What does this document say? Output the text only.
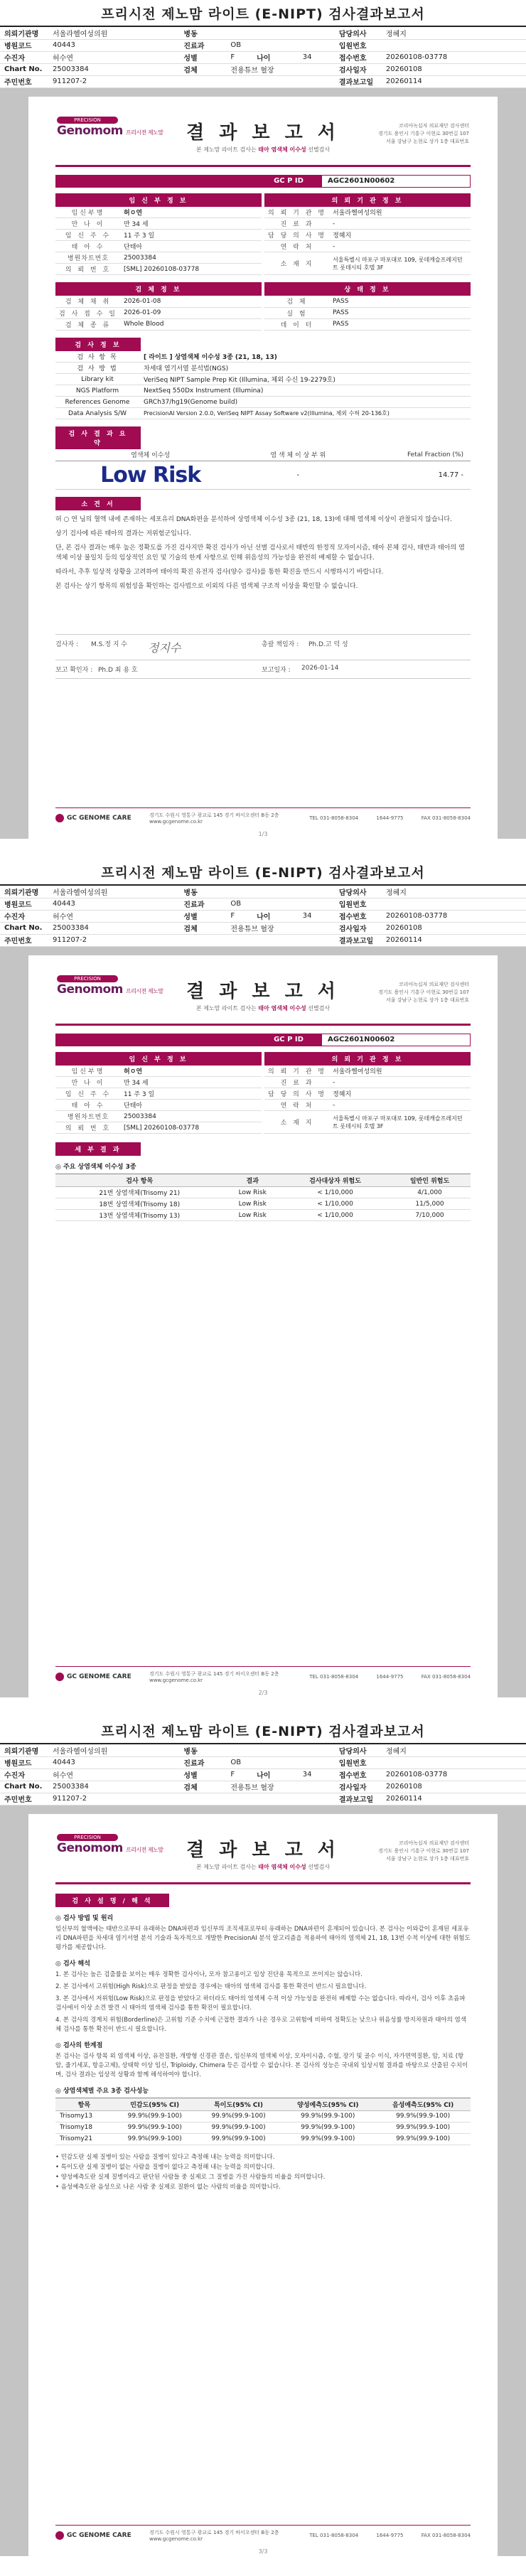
프리시전 제노맘 라이트 (E-NIPT) 검사결과보고서
의뢰기관명	서울라헬여성의원	병동				담당의사	정혜지
병원코드	40443	진료과	OB			입원번호	
수진자	허수연	성별	F	나이	34	접수번호	20260108-03778
Chart No.	25003384	검체	전용튜브 혈장			검사일자	20260108
주민번호	911207-2					결과보고일	20260114
PRECISION
Genomom 프리시전 제노맘	결 과 보 고 서
본 제노맘 라이트 검사는 태아 염색체 이수성 선별검사
코리아녹십자 의료재단 검사센터
경기도 용인시 기흥구 이현로 30번길 107
서울 강남구 논현로 상가 1층 대표번호
GC P ID	AGC2601N00602
임 신 부 정 보	의 뢰 기 관 정 보
임신부명	허ㅇ연
만 나 이	만 34 세
임 신 주 수	11 주 3 일
태 아 수	단태아
병원차트번호	25003384
의 뢰 번 호	[SML] 20260108-03778
의 뢰 기 관 명	서울라헬여성의원
진 료 과	-
담 당 의 사 명	정혜지
연 락 처	-
소 재 지	서울특별시 마포구 마포대로 109, 롯데캐슬프레지던트 롯데시티 호텔 3F
검 체 정 보	상 태 정 보
검 체 채 취	2026-01-08
검 사 접 수 일	2026-01-09
검 체 종 류	Whole Blood
검 체	PASS
실 험	PASS
데 이 터	PASS
검 사 정 보
검 사 항 목	[ 라이트 ] 상염색체 이수성 3종 (21, 18, 13)
검 사 방 법	차세대 염기서열 분석법(NGS)
Library kit	VeriSeq NIPT Sample Prep Kit (Illumina, 체외 수신 19-2279호)
NGS Platform	NextSeq 550Dx Instrument (Illumina)
References Genome	GRCh37/hg19(Genome build)
Data Analysis S/W	PrecisionAI Version 2.0.0, VeriSeq NIPT Assay Software v2(Illumina, 체외 수허 20-136호)
검 사 결 과 요 약
염색체 이수성	염 색 체 이 상 부 위	Fetal Fraction (%)
Low Risk	-	14.77 -
소 견 서

허 ○ 연 님의 혈액 내에 존재하는 세포유리 DNA화편을 분석하여 상염색체 이수성 3종 (21, 18, 13)에 대해 염색체 이상이 관찰되지 않습니다.

상기 검사에 따른 태아의 결과는 저위험군입니다.

단, 본 검사 결과는 매우 높은 정확도를 가진 검사지만 확진 검사가 아닌 선별 검사로서 태반의 한정적 모자이시즘, 태아 본체 검사, 태반과 태아의 염색체 이상 불일치 등의 임상적인 요인 및 기술의 한계 사항으로 인해 위음성의 가능성을 완전히 배제할 수 없습니다.

따라서, 추후 임상적 상황을 고려하여 태아의 확진 유전자 검사(양수 검사)를 통한 확진을 반드시 시행하시기 바랍니다.

본 검사는 상기 항목의 위험성을 확인하는 검사법으로 이외의 다른 염색체 구조적 이상을 확인할 수 없습니다.

검사자 :	M.S.정 지 수	정지수	총괄 책임자 :	Ph.D.고 덕 성
보고 확인자 : Ph.D 최 용 호	보고일자 :	2026-01-14
GC GENOME CARE	경기도 수원시 영통구 광교로 145 경기 바이오센터 B동 2층
www.gcgenome.co.kr
TEL 031-8058-8304	1644-9775	FAX 031-8058-8304
1/3
프리시전 제노맘 라이트 (E-NIPT) 검사결과보고서
의뢰기관명	서울라헬여성의원	병동				담당의사	정혜지
병원코드	40443	진료과	OB			입원번호	
수진자	허수연	성별	F	나이	34	접수번호	20260108-03778
Chart No.	25003384	검체	전용튜브 혈장			검사일자	20260108
주민번호	911207-2					결과보고일	20260114
PRECISION
Genomom 프리시전 제노맘	결 과 보 고 서
본 제노맘 라이트 검사는 태아 염색체 이수성 선별검사
코리아녹십자 의료재단 검사센터
경기도 용인시 기흥구 이현로 30번길 107
서울 강남구 논현로 상가 1층 대표번호
GC P ID	AGC2601N00602
임 신 부 정 보	의 뢰 기 관 정 보
임신부명	허ㅇ연
만 나 이	만 34 세
임 신 주 수	11 주 3 일
태 아 수	단태아
병원차트번호	25003384
의 뢰 번 호	[SML] 20260108-03778
의 뢰 기 관 명	서울라헬여성의원
진 료 과	-
담 당 의 사 명	정혜지
연 락 처	-
소 재 지	서울특별시 마포구 마포대로 109, 롯데캐슬프레지던트 롯데시티 호텔 3F
세 부 결 과
◎ 주요 상염색체 이수성 3종
검사 항목	결과	검사대상자 위험도	일반인 위험도
21번 상염색체(Trisomy 21)	Low Risk	< 1/10,000	4/1,000
18번 상염색체(Trisomy 18)	Low Risk	< 1/10,000	11/5,000
13번 상염색체(Trisomy 13)	Low Risk	< 1/10,000	7/10,000
GC GENOME CARE	경기도 수원시 영통구 광교로 145 경기 바이오센터 B동 2층
www.gcgenome.co.kr
TEL 031-8058-8304	1644-9775	FAX 031-8058-8304
2/3
프리시전 제노맘 라이트 (E-NIPT) 검사결과보고서
의뢰기관명	서울라헬여성의원	병동				담당의사	정혜지
병원코드	40443	진료과	OB			입원번호	
수진자	허수연	성별	F	나이	34	접수번호	20260108-03778
Chart No.	25003384	검체	전용튜브 혈장			검사일자	20260108
주민번호	911207-2					결과보고일	20260114
PRECISION
Genomom 프리시전 제노맘	결 과 보 고 서
본 제노맘 라이트 검사는 태아 염색체 이수성 선별검사
코리아녹십자 의료재단 검사센터
경기도 용인시 기흥구 이현로 30번길 107
서울 강남구 논현로 상가 1층 대표번호
검 사 설 명 / 해 석
◎ 검사 방법 및 원리

임신부의 혈액에는 태반으로부터 유래하는 DNA파편과 임신부의 조직세포로부터 유래하는 DNA파편이 혼재되어 있습니다. 본 검사는 이와같이 혼재된 세포유리 DNA파편을 차세대 염기서열 분석 기술과 독자적으로 개발한 PrecisionAI 분석 알고리즘을 적용하여 태아의 염색체 21, 18, 13번 수적 이상에 대한 위험도 평가를 제공합니다.

◎ 검사 해석

1. 본 검사는 높은 검출률을 보이는 매우 정확한 검사이나, 모자 참고용이고 임상 진단용 목적으로 쓰이지는 않습니다.

2. 본 검사에서 고위험(High Risk)으로 판정을 받았을 경우에는 태아의 염색체 검사를 통한 확진이 반드시 필요합니다.

3. 본 검사에서 저위험(Low Risk)으로 판정을 받았다고 하더라도 태아의 염색체 수적 이상 가능성을 완전히 배제할 수는 없습니다. 따라서, 검사 이후 초음파 검사에서 이상 소견 발견 시 태아의 염색체 검사를 통한 확진이 필요합니다.

4. 본 검사의 경계치 위험(Borderline)은 고위험 기준 수치에 근접한 결과가 나온 경우로 고위험에 비하여 정확도는 낮으나 위음성률 방지차원과 태아의 염색체 검사를 통한 확진이 반드시 필요합니다.

◎ 검사의 한계점

본 검사는 검사 항목 외 염색체 이상, 유전질환, 개방형 신경관 결손, 임신부의 염색체 이상, 모자이시즘, 수혈, 장기 및 골수 이식, 자가면역질환, 암, 치료 (항암, 줄기세포, 항응고제), 상태학 이상 임신, Triploidy, Chimera 등은 검사할 수 없습니다. 본 검사의 성능은 국내외 임상시험 결과를 바탕으로 산출된 수치이며, 검사 결과는 임상적 상황과 함께 해석하여야 합니다.

◎ 상염색체별 주요 3종 검사성능
항목	민감도(95% CI)	특이도(95% CI)	양성예측도(95% CI)	음성예측도(95% CI)
Trisomy13	99.9%(99.9-100)	99.9%(99.9-100)	99.9%(99.9-100)	99.9%(99.9-100)
Trisomy18	99.9%(99.9-100)	99.9%(99.9-100)	99.9%(99.9-100)	99.9%(99.9-100)
Trisomy21	99.9%(99.9-100)	99.9%(99.9-100)	99.9%(99.9-100)	99.9%(99.9-100)
• 민감도란 실제 질병이 있는 사람을 질병이 있다고 측정해 내는 능력을 의미합니다.
• 특이도란 실제 질병이 없는 사람을 질병이 없다고 측정해 내는 능력을 의미합니다.
• 양성예측도란 실제 질병이라고 판단된 사람들 중 실제로 그 질병을 가진 사람들의 비율을 의미합니다.
• 음성예측도란 음성으로 나온 사람 중 실제로 질환이 없는 사람의 비율을 의미합니다.
GC GENOME CARE	경기도 수원시 영통구 광교로 145 경기 바이오센터 B동 2층
www.gcgenome.co.kr
TEL 031-8058-8304	1644-9775	FAX 031-8058-8304
3/3
